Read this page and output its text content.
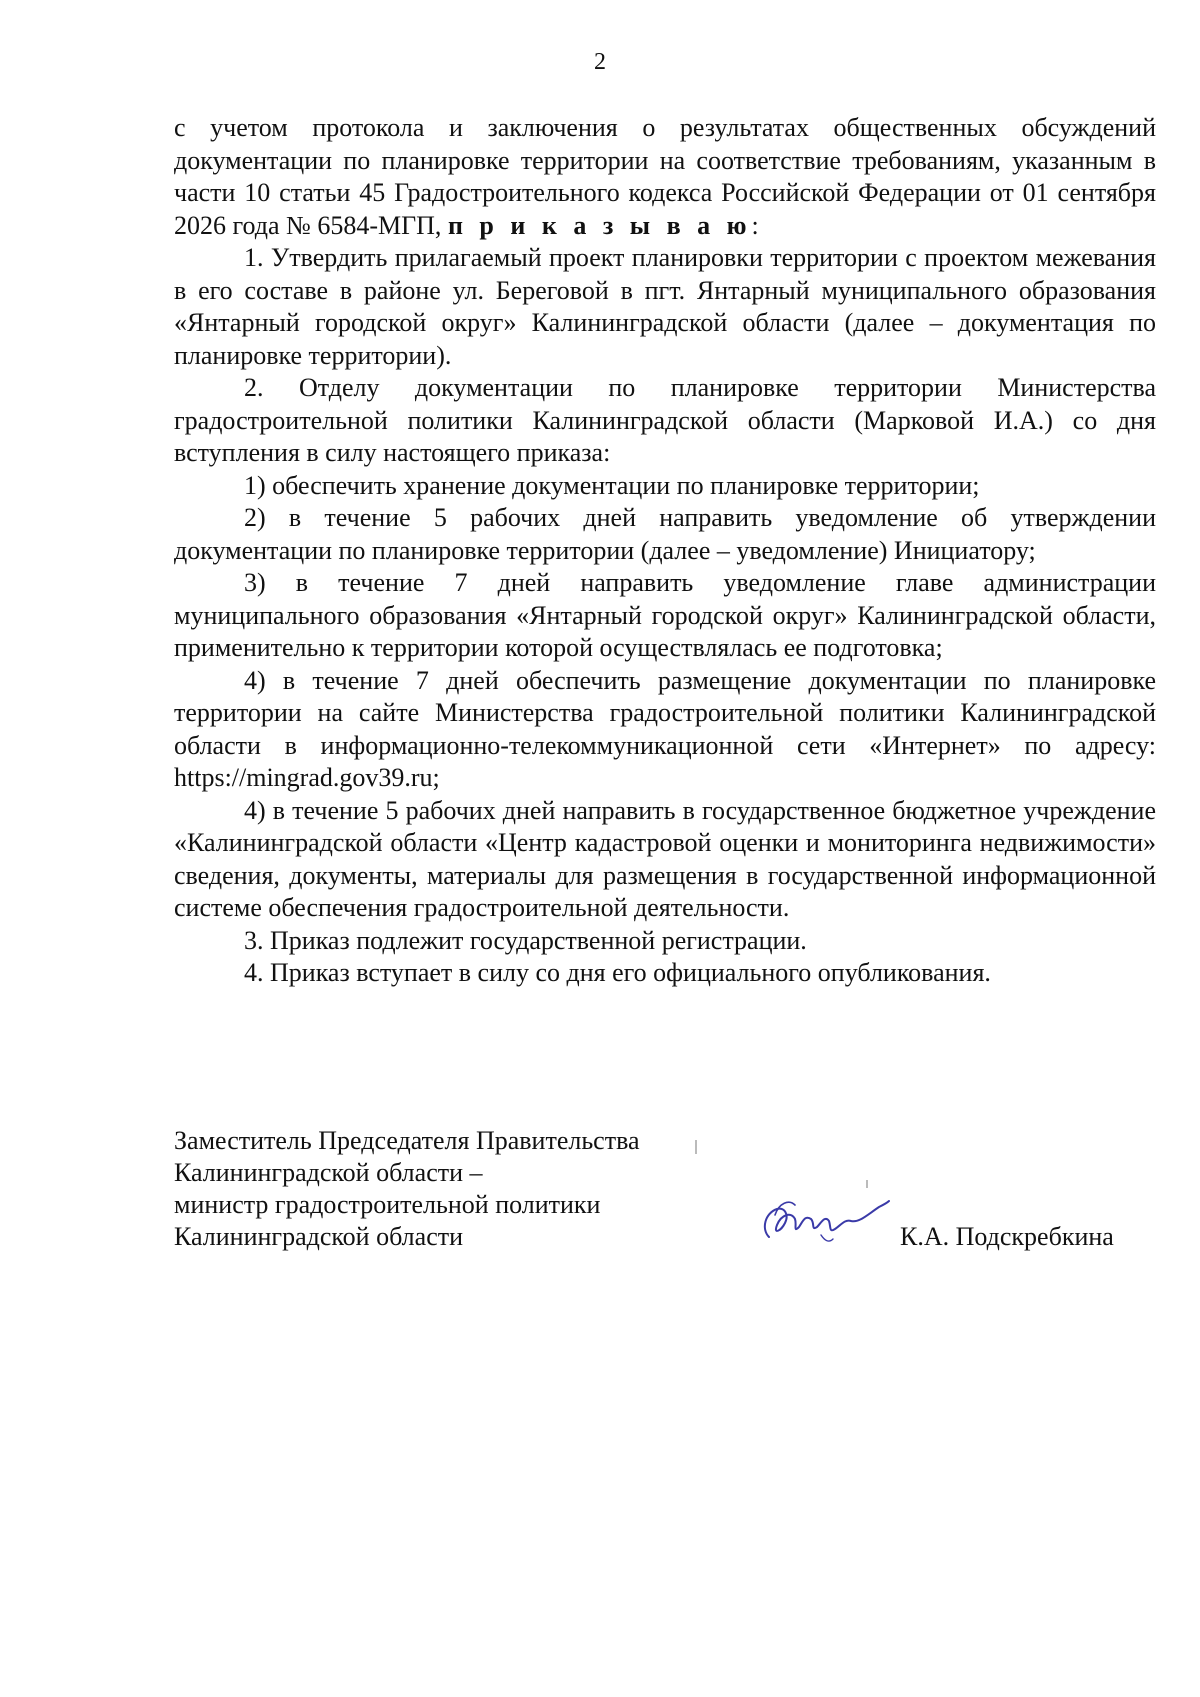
2

с учетом протокола и заключения о результатах общественных обсуждений документации по планировке территории на соответствие требованиям, указанным в части 10 статьи 45 Градостроительного кодекса Российской Федерации от 01 сентября 2026 года № 6584-МГП, п р и к а з ы в а ю:

1. Утвердить прилагаемый проект планировки территории с проектом межевания в его составе в районе ул. Береговой в пгт. Янтарный муниципального образования «Янтарный городской округ» Калининградской области (далее – документация по планировке территории).

2. Отделу документации по планировке территории Министерства градостроительной политики Калининградской области (Марковой И.А.) со дня вступления в силу настоящего приказа:

1) обеспечить хранение документации по планировке территории;

2) в течение 5 рабочих дней направить уведомление об утверждении документации по планировке территории (далее – уведомление) Инициатору;

3) в течение 7 дней направить уведомление главе администрации муниципального образования «Янтарный городской округ» Калининградской области, применительно к территории которой осуществлялась ее подготовка;

4) в течение 7 дней обеспечить размещение документации по планировке территории на сайте Министерства градостроительной политики Калининградской области в информационно-телекоммуникационной сети «Интернет» по адресу: https://mingrad.gov39.ru;

4) в течение 5 рабочих дней направить в государственное бюджетное учреждение «Калининградской области «Центр кадастровой оценки и мониторинга недвижимости» сведения, документы, материалы для размещения в государственной информационной системе обеспечения градостроительной деятельности.

3. Приказ подлежит государственной регистрации.

4. Приказ вступает в силу со дня его официального опубликования.

Заместитель Председателя Правительства
Калининградской области –
министр градостроительной политики
Калининградской области	К.А. Подскребкина
